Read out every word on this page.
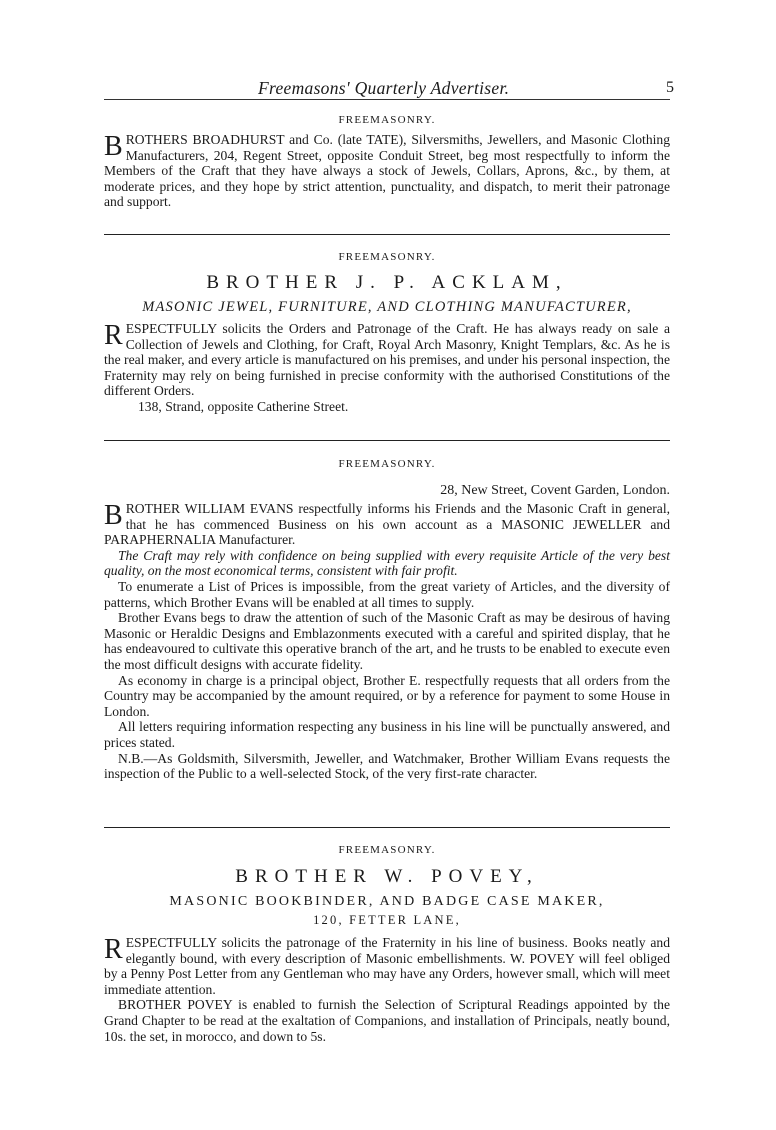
Freemasons' Quarterly Advertiser.	5
FREEMASONRY.

BROTHERS BROADHURST and Co. (late TATE), Silversmiths, Jewellers, and Masonic Clothing Manufacturers, 204, Regent Street, opposite Conduit Street, beg most respectfully to inform the Members of the Craft that they have always a stock of Jewels, Collars, Aprons, &c., by them, at moderate prices, and they hope by strict attention, punctuality, and dispatch, to merit their patronage and support.

FREEMASONRY.
BROTHER J. P. ACKLAM,
MASONIC JEWEL, FURNITURE, AND CLOTHING MANUFACTURER,

RESPECTFULLY solicits the Orders and Patronage of the Craft. He has always ready on sale a Collection of Jewels and Clothing, for Craft, Royal Arch Masonry, Knight Templars, &c. As he is the real maker, and every article is manufactured on his premises, and under his personal inspection, the Fraternity may rely on being furnished in precise conformity with the authorised Constitutions of the different Orders.

138, Strand, opposite Catherine Street.
FREEMASONRY.
28, New Street, Covent Garden, London.

BROTHER WILLIAM EVANS respectfully informs his Friends and the Masonic Craft in general, that he has commenced Business on his own account as a MASONIC JEWELLER and PARAPHERNALIA Manufacturer.

The Craft may rely with confidence on being supplied with every requisite Article of the very best quality, on the most economical terms, consistent with fair profit.

To enumerate a List of Prices is impossible, from the great variety of Articles, and the diversity of patterns, which Brother Evans will be enabled at all times to supply.

Brother Evans begs to draw the attention of such of the Masonic Craft as may be desirous of having Masonic or Heraldic Designs and Emblazonments executed with a careful and spirited display, that he has endeavoured to cultivate this operative branch of the art, and he trusts to be enabled to execute even the most difficult designs with accurate fidelity.

As economy in charge is a principal object, Brother E. respectfully requests that all orders from the Country may be accompanied by the amount required, or by a reference for payment to some House in London.

All letters requiring information respecting any business in his line will be punctually answered, and prices stated.

N.B.—As Goldsmith, Silversmith, Jeweller, and Watchmaker, Brother William Evans requests the inspection of the Public to a well-selected Stock, of the very first-rate character.

FREEMASONRY.
BROTHER W. POVEY,
MASONIC BOOKBINDER, AND BADGE CASE MAKER,
120, FETTER LANE,

RESPECTFULLY solicits the patronage of the Fraternity in his line of business. Books neatly and elegantly bound, with every description of Masonic embellishments. W. POVEY will feel obliged by a Penny Post Letter from any Gentleman who may have any Orders, however small, which will meet immediate attention.

BROTHER POVEY is enabled to furnish the Selection of Scriptural Readings appointed by the Grand Chapter to be read at the exaltation of Companions, and installation of Principals, neatly bound, 10s. the set, in morocco, and down to 5s.
